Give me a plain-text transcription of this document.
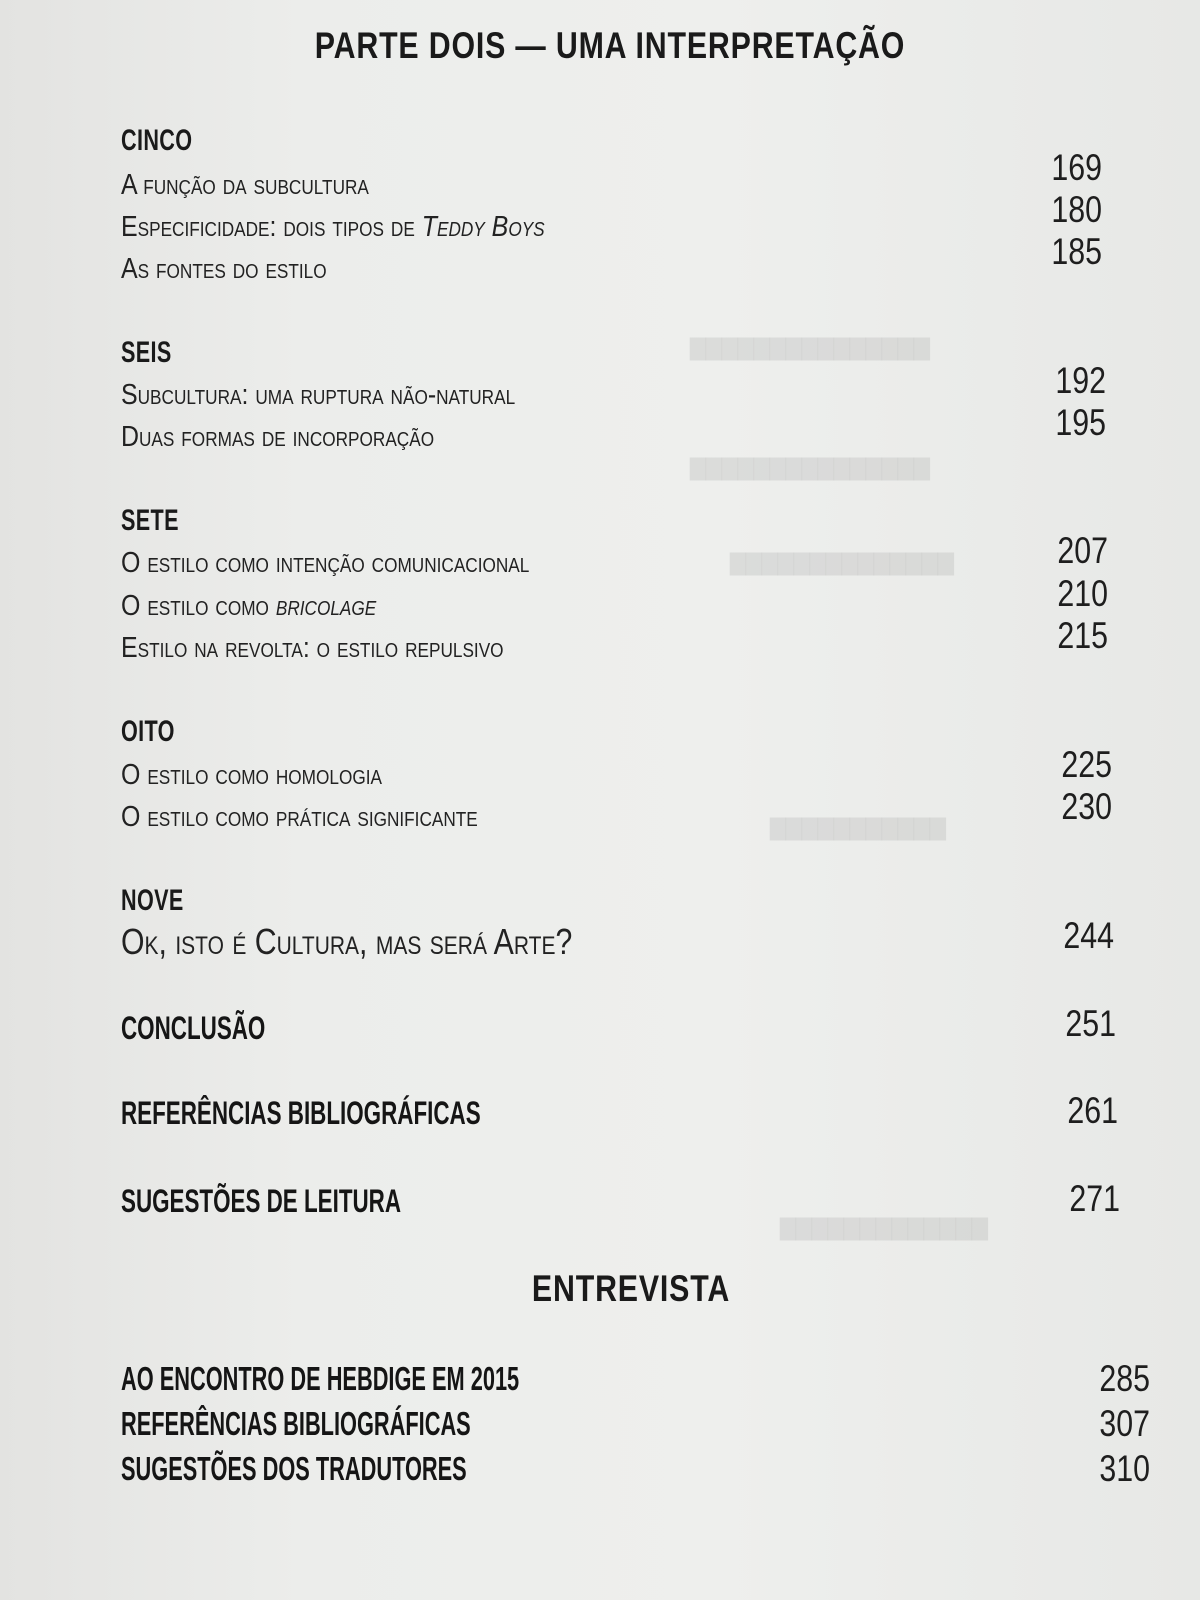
▆▆▆▆▆▆▆▆▆▆▆▆▆▆▆
▆▆▆▆▆▆▆▆▆▆▆▆▆▆▆
▆▆▆▆▆▆▆▆▆▆▆▆▆▆
▆▆▆▆▆▆▆▆▆▆▆
▆▆▆▆▆▆▆▆▆▆▆▆▆
PARTE DOIS — UMA INTERPRETAÇÃO
CINCO
A função da subcultura	169
Especificidade: dois tipos de Teddy Boys	180
As fontes do estilo	185
SEIS
Subcultura: uma ruptura não-natural	192
Duas formas de incorporação	195
SETE
O estilo como intenção comunicacional	207
O estilo como bricolage	210
Estilo na revolta: o estilo repulsivo	215
OITO
O estilo como homologia	225
O estilo como prática significante	230
NOVE
Ok, isto é Cultura, mas será Arte?	244
CONCLUSÃO	251
REFERÊNCIAS BIBLIOGRÁFICAS	261
SUGESTÕES DE LEITURA	271
ENTREVISTA
AO ENCONTRO DE HEBDIGE EM 2015	285
REFERÊNCIAS BIBLIOGRÁFICAS	307
SUGESTÕES DOS TRADUTORES	310
